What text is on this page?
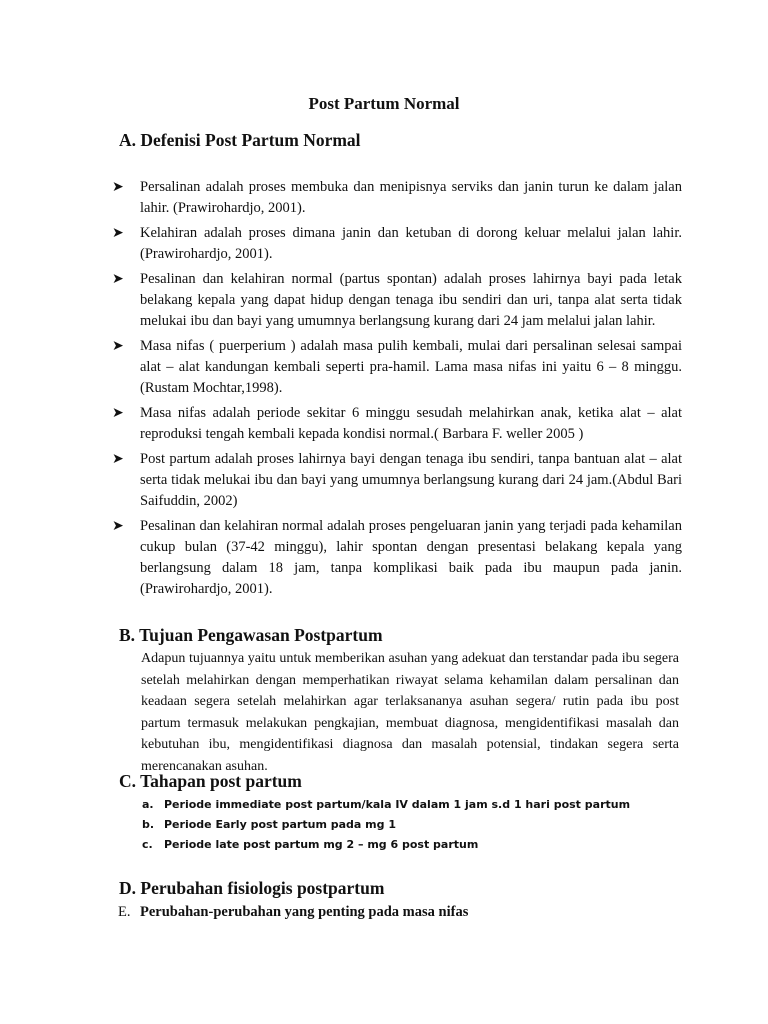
Post Partum Normal
A. Defenisi Post Partum Normal
➤	Persalinan adalah proses membuka dan menipisnya serviks dan janin turun ke dalam jalan lahir. (Prawirohardjo, 2001).
➤	Kelahiran adalah proses dimana janin dan ketuban di dorong keluar melalui jalan lahir. (Prawirohardjo, 2001).
➤	Pesalinan dan kelahiran normal (partus spontan) adalah proses lahirnya bayi pada letak belakang kepala yang dapat hidup dengan tenaga ibu sendiri dan uri, tanpa alat serta tidak melukai ibu dan bayi yang umumnya berlangsung kurang dari 24 jam melalui jalan lahir.
➤	Masa nifas ( puerperium ) adalah masa pulih kembali, mulai dari persalinan selesai sampai alat – alat kandungan kembali seperti pra-hamil. Lama masa nifas ini yaitu 6 – 8 minggu.(Rustam Mochtar,1998).
➤	Masa nifas adalah periode sekitar 6 minggu sesudah melahirkan anak, ketika alat – alat reproduksi tengah kembali kepada kondisi normal.( Barbara F. weller 2005 )
➤	Post partum adalah proses lahirnya bayi dengan tenaga ibu sendiri, tanpa bantuan alat – alat serta tidak melukai ibu dan bayi yang umumnya berlangsung kurang dari 24 jam.(Abdul Bari Saifuddin, 2002)
➤	Pesalinan dan kelahiran normal adalah proses pengeluaran janin yang terjadi pada kehamilan cukup bulan (37-42 minggu), lahir spontan dengan presentasi belakang kepala yang berlangsung dalam 18 jam, tanpa komplikasi baik pada ibu maupun pada janin. (Prawirohardjo, 2001).
B. Tujuan Pengawasan Postpartum
Adapun tujuannya yaitu untuk memberikan asuhan yang adekuat dan terstandar pada ibu segera setelah melahirkan dengan memperhatikan riwayat selama kehamilan dalam persalinan dan keadaan segera setelah melahirkan agar terlaksananya asuhan segera/ rutin pada ibu post partum termasuk melakukan pengkajian, membuat diagnosa, mengidentifikasi masalah dan kebutuhan ibu, mengidentifikasi diagnosa dan masalah potensial, tindakan segera serta merencanakan asuhan.
C. Tahapan post partum
a. Periode immediate post partum/kala IV dalam 1 jam s.d 1 hari post partum
b. Periode Early post partum pada mg 1
c.	Periode late post partum mg 2 – mg 6 post partum
D. Perubahan fisiologis postpartum
E. Perubahan-perubahan yang penting pada masa nifas
